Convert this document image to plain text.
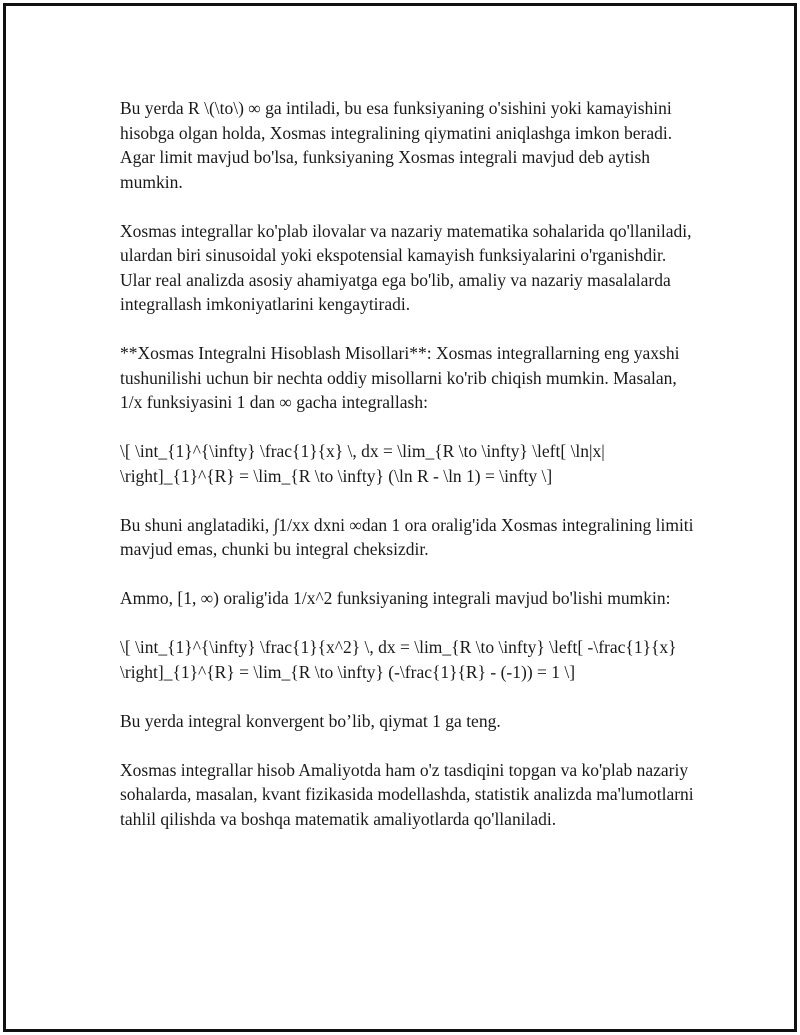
Bu yerda R \(\to\) ∞ ga intiladi, bu esa funksiyaning o'sishini yoki kamayishini hisobga olgan holda, Xosmas integralining qiymatini aniqlashga imkon beradi. Agar limit mavjud bo'lsa, funksiyaning Xosmas integrali mavjud deb aytish mumkin.

Xosmas integrallar ko'plab ilovalar va nazariy matematika sohalarida qo'llaniladi, ulardan biri sinusoidal yoki ekspotensial kamayish funksiyalarini o'rganishdir. Ular real analizda asosiy ahamiyatga ega bo'lib, amaliy va nazariy masalalarda integrallash imkoniyatlarini kengaytiradi.

**Xosmas Integralni Hisoblash Misollari**: Xosmas integrallarning eng yaxshi tushunilishi uchun bir nechta oddiy misollarni ko'rib chiqish mumkin. Masalan, 1/x funksiyasini 1 dan ∞ gacha integrallash:

\[ \int_{1}^{\infty} \frac{1}{x} \, dx = \lim_{R \to \infty} \left[ \ln|x| \right]_{1}^{R} = \lim_{R \to \infty} (\ln R - \ln 1) = \infty \]

Bu shuni anglatadiki, ∫1/xx dxni ∞dan 1 ora oralig'ida Xosmas integralining limiti mavjud emas, chunki bu integral cheksizdir.

Ammo, [1, ∞) oralig'ida 1/x^2 funksiyaning integrali mavjud bo'lishi mumkin:

\[ \int_{1}^{\infty} \frac{1}{x^2} \, dx = \lim_{R \to \infty} \left[ -\frac{1}{x} \right]_{1}^{R} = \lim_{R \to \infty} (-\frac{1}{R} - (-1)) = 1 \]

Bu yerda integral konvergent bo’lib, qiymat 1 ga teng.

Xosmas integrallar hisob Amaliyotda ham o'z tasdiqini topgan va ko'plab nazariy sohalarda, masalan, kvant fizikasida modellashda, statistik analizda ma'lumotlarni tahlil qilishda va boshqa matematik amaliyotlarda qo'llaniladi.
